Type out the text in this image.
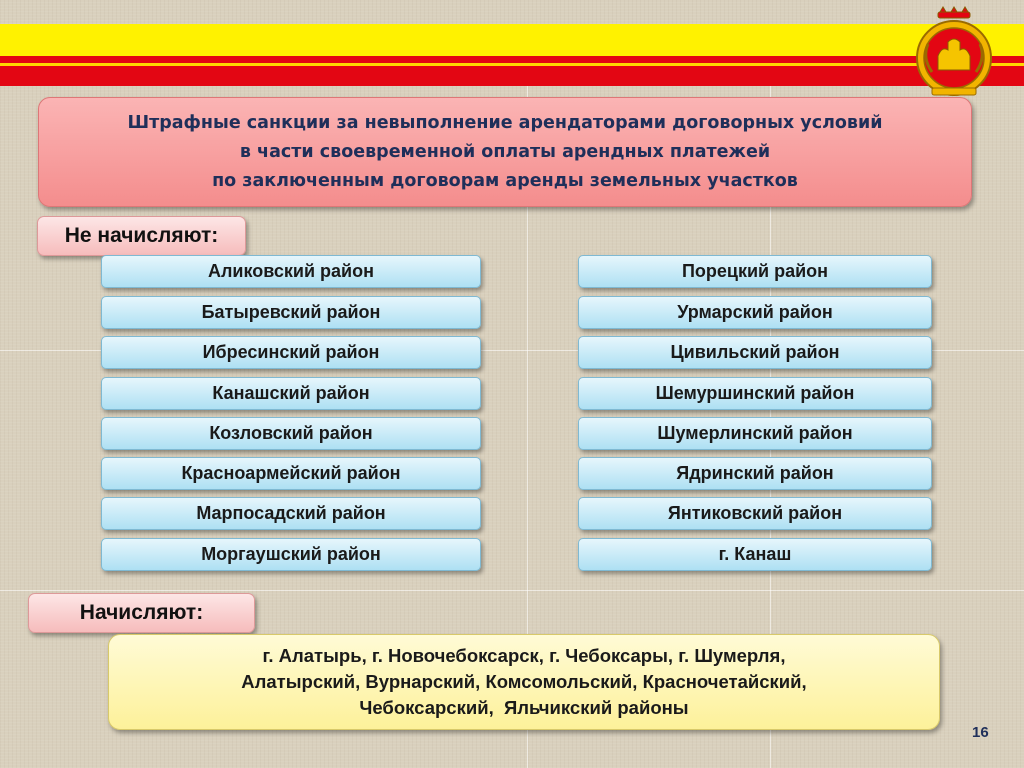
Штрафные санкции за невыполнение арендаторами договорных условий
в части своевременной оплаты арендных платежей
по заключенным договорам аренды земельных участков
Не начисляют:
Аликовский район
Батыревский район
Ибресинский район
Канашский район
Козловский район
Красноармейский район
Марпосадский район
Моргаушский район
Порецкий район
Урмарский район
Цивильский район
Шемуршинский район
Шумерлинский район
Ядринский район
Янтиковский район
г. Канаш
Начисляют:
г. Алатырь, г. Новочебоксарск, г. Чебоксары, г. Шумерля,
Алатырский, Вурнарский, Комсомольский, Красночетайский,
Чебоксарский,  Яльчикский районы
16
